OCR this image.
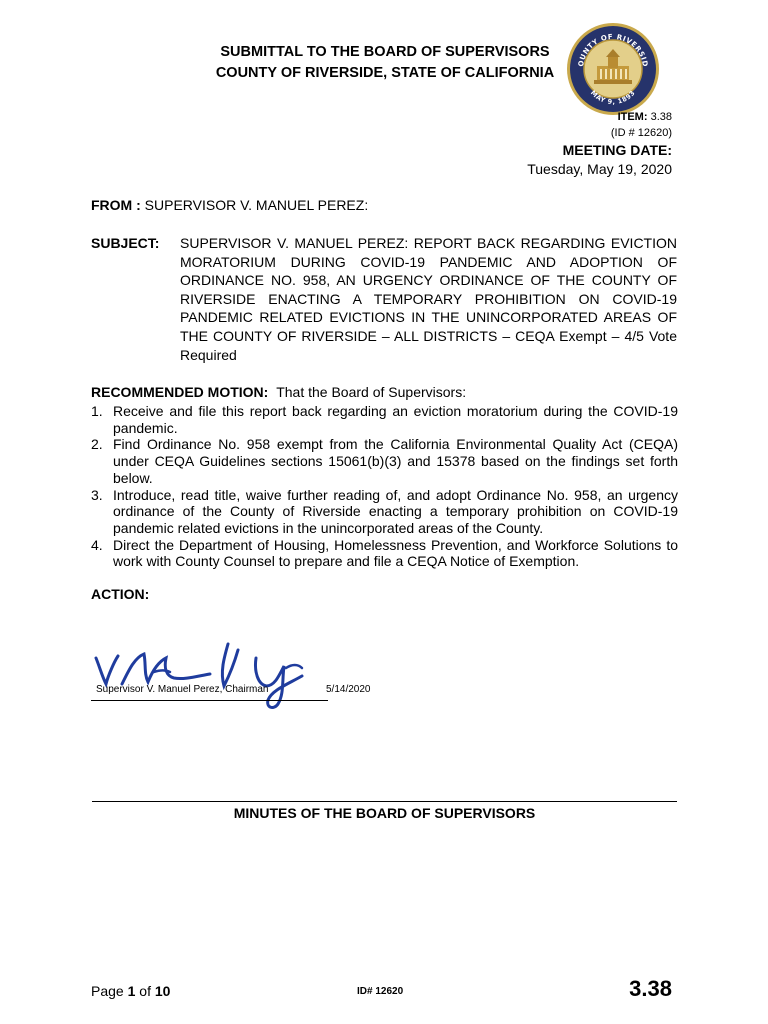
SUBMITTAL TO THE BOARD OF SUPERVISORS
COUNTY OF RIVERSIDE, STATE OF CALIFORNIA
OUNTY OF RIVERSID
MAY 9, 1893
ITEM: 3.38
(ID # 12620)
MEETING DATE:
Tuesday, May 19, 2020
FROM : SUPERVISOR V. MANUEL PEREZ:
SUBJECT: SUPERVISOR V. MANUEL PEREZ: REPORT BACK REGARDING EVICTION MORATORIUM DURING COVID-19 PANDEMIC AND ADOPTION OF ORDINANCE NO. 958, AN URGENCY ORDINANCE OF THE COUNTY OF RIVERSIDE ENACTING A TEMPORARY PROHIBITION ON COVID-19 PANDEMIC RELATED EVICTIONS IN THE UNINCORPORATED AREAS OF THE COUNTY OF RIVERSIDE – ALL DISTRICTS – CEQA Exempt – 4/5 Vote Required
RECOMMENDED MOTION: That the Board of Supervisors:
1. Receive and file this report back regarding an eviction moratorium during the COVID-19 pandemic.
2. Find Ordinance No. 958 exempt from the California Environmental Quality Act (CEQA) under CEQA Guidelines sections 15061(b)(3) and 15378 based on the findings set forth below.
3. Introduce, read title, waive further reading of, and adopt Ordinance No. 958, an urgency ordinance of the County of Riverside enacting a temporary prohibition on COVID-19 pandemic related evictions in the unincorporated areas of the County.
4. Direct the Department of Housing, Homelessness Prevention, and Workforce Solutions to work with County Counsel to prepare and file a CEQA Notice of Exemption.
ACTION:
Supervisor V. Manuel Perez, Chairman	5/14/2020
MINUTES OF THE BOARD OF SUPERVISORS
Page 1 of 10	ID# 12620	3.38
